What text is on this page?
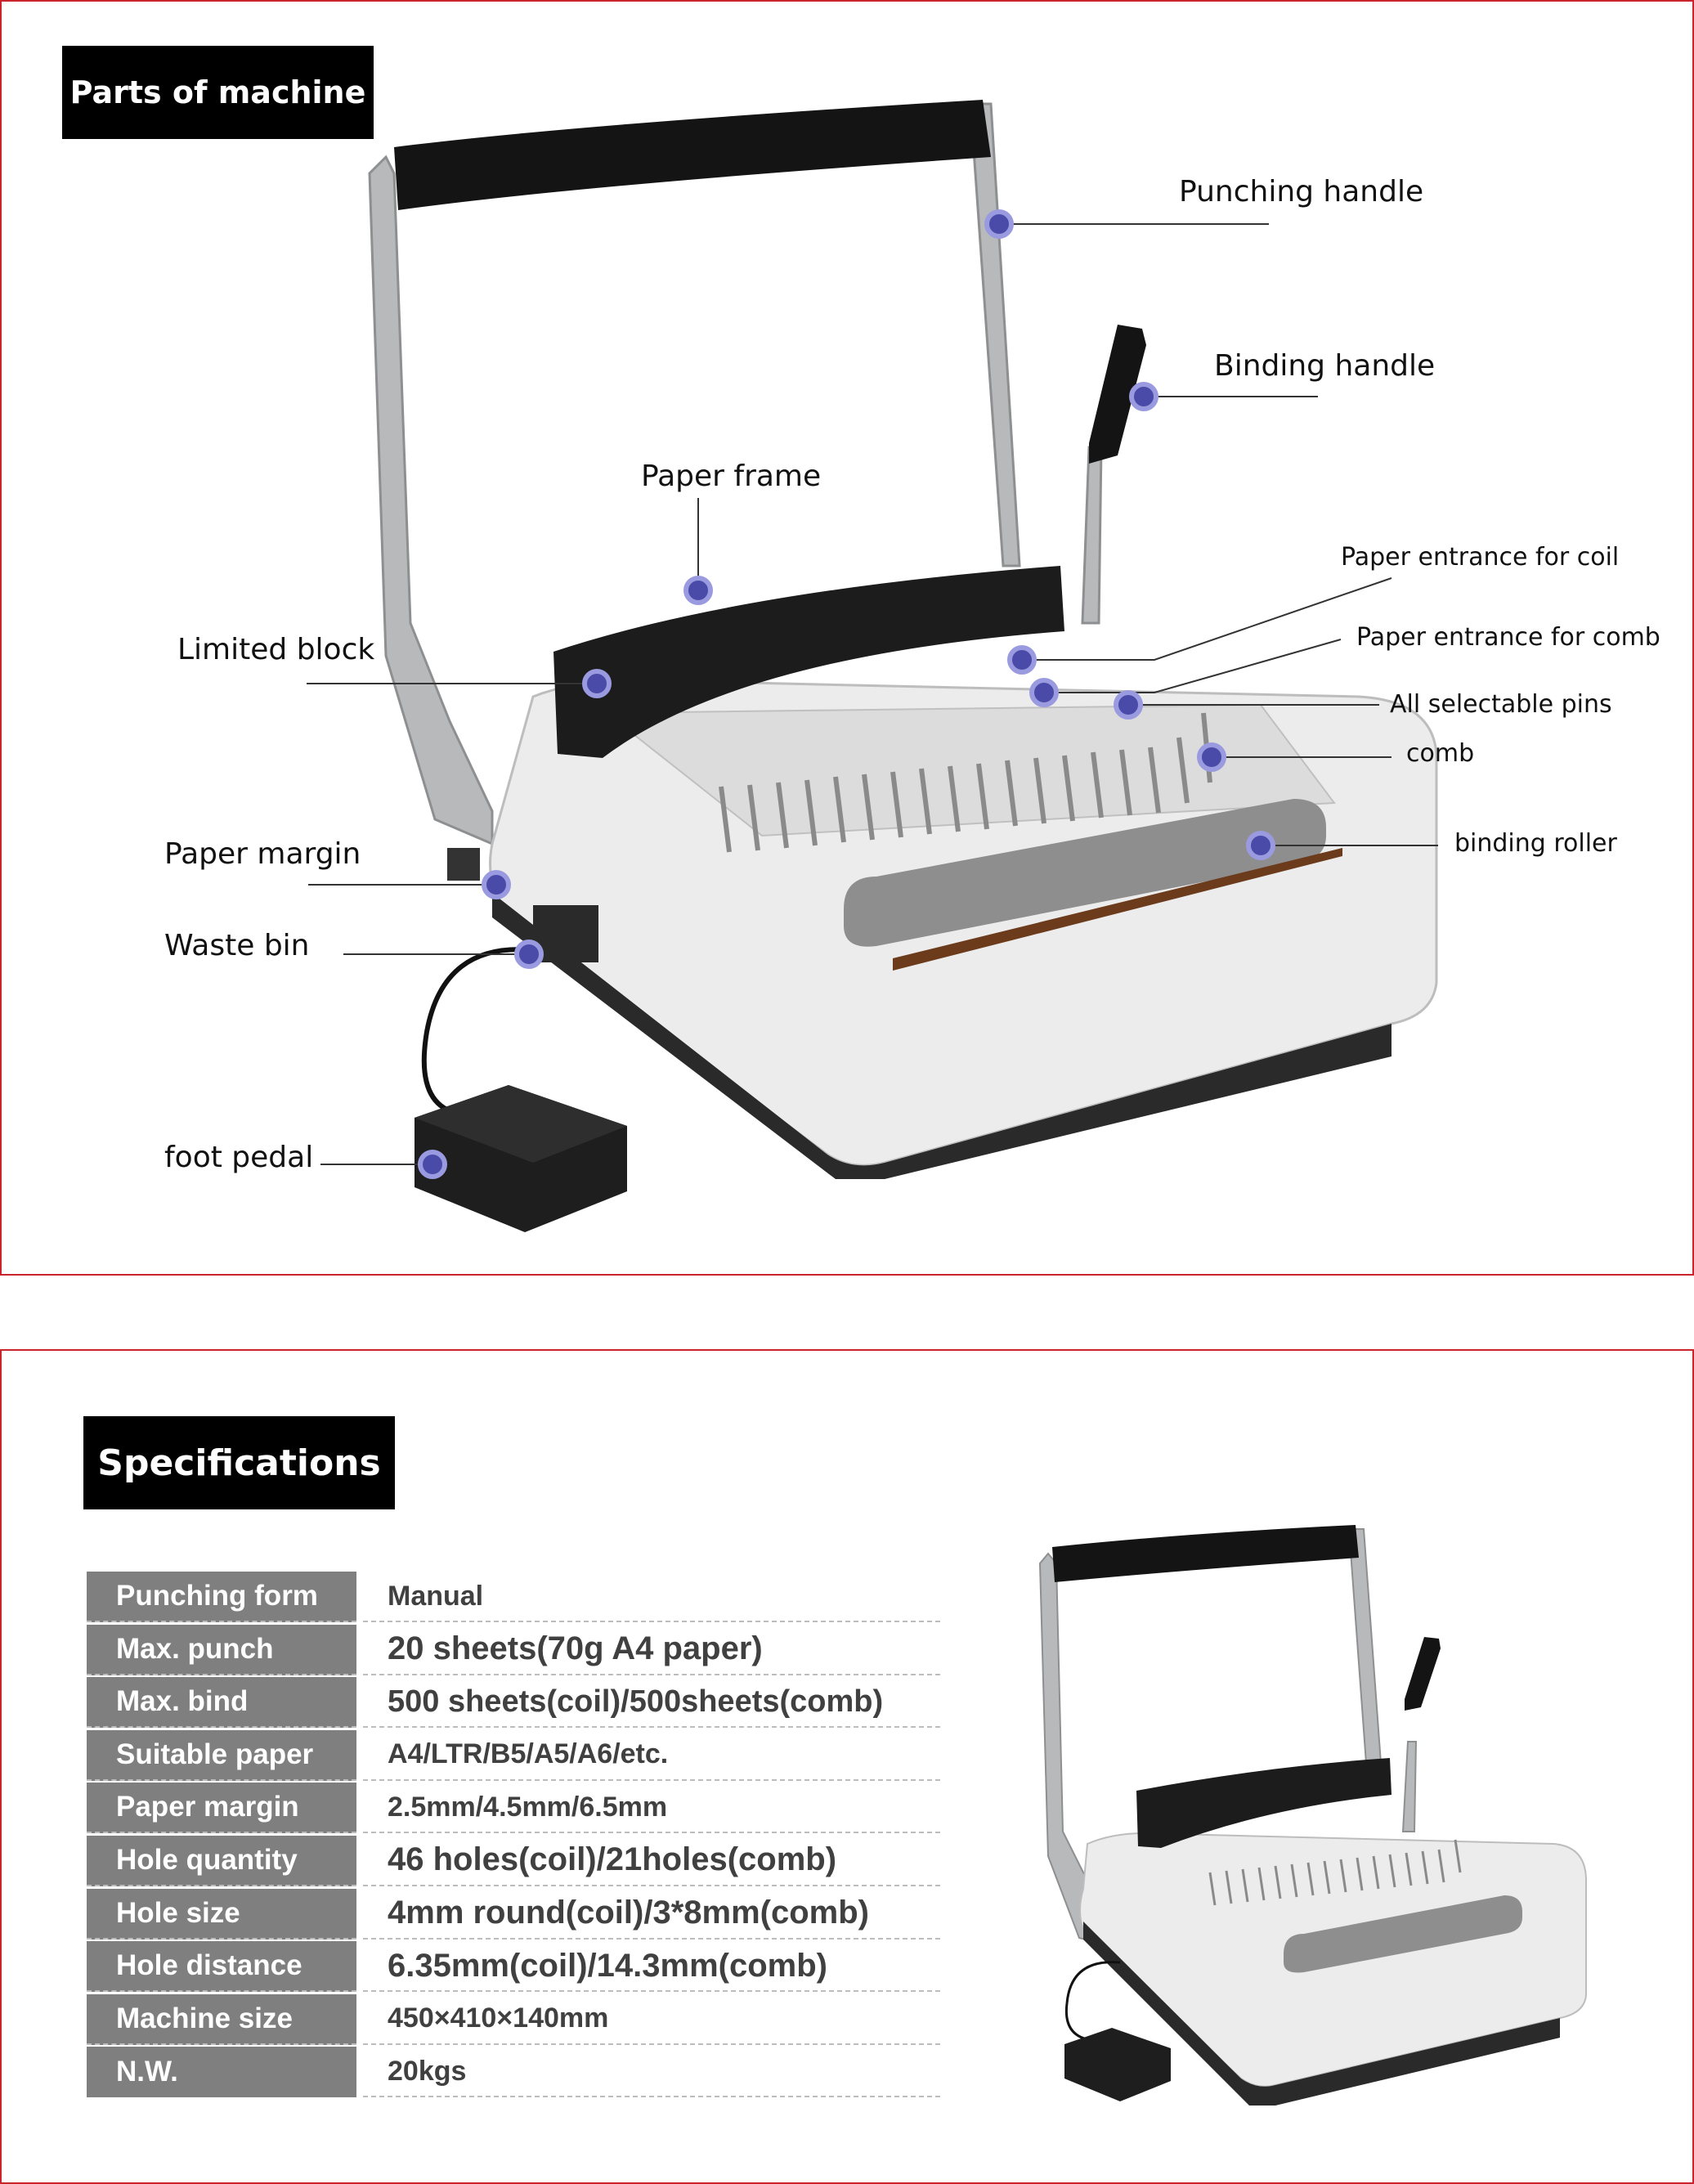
Parts of machine
Punching handle
Binding handle
Paper frame
Paper entrance for coil
Paper entrance for comb
Limited block
All selectable pins
comb
Paper margin	binding roller
Waste bin
foot pedal
Specifications
Punching form	Manual
Max. punch	20 sheets(70g A4 paper)
Max. bind	500 sheets(coil)/500sheets(comb)
Suitable paper	A4/LTR/B5/A5/A6/etc.
Paper margin	2.5mm/4.5mm/6.5mm
Hole quantity	46 holes(coil)/21holes(comb)
Hole size	4mm round(coil)/3*8mm(comb)
Hole distance	6.35mm(coil)/14.3mm(comb)
Machine size	450×410×140mm
N.W.	20kgs
